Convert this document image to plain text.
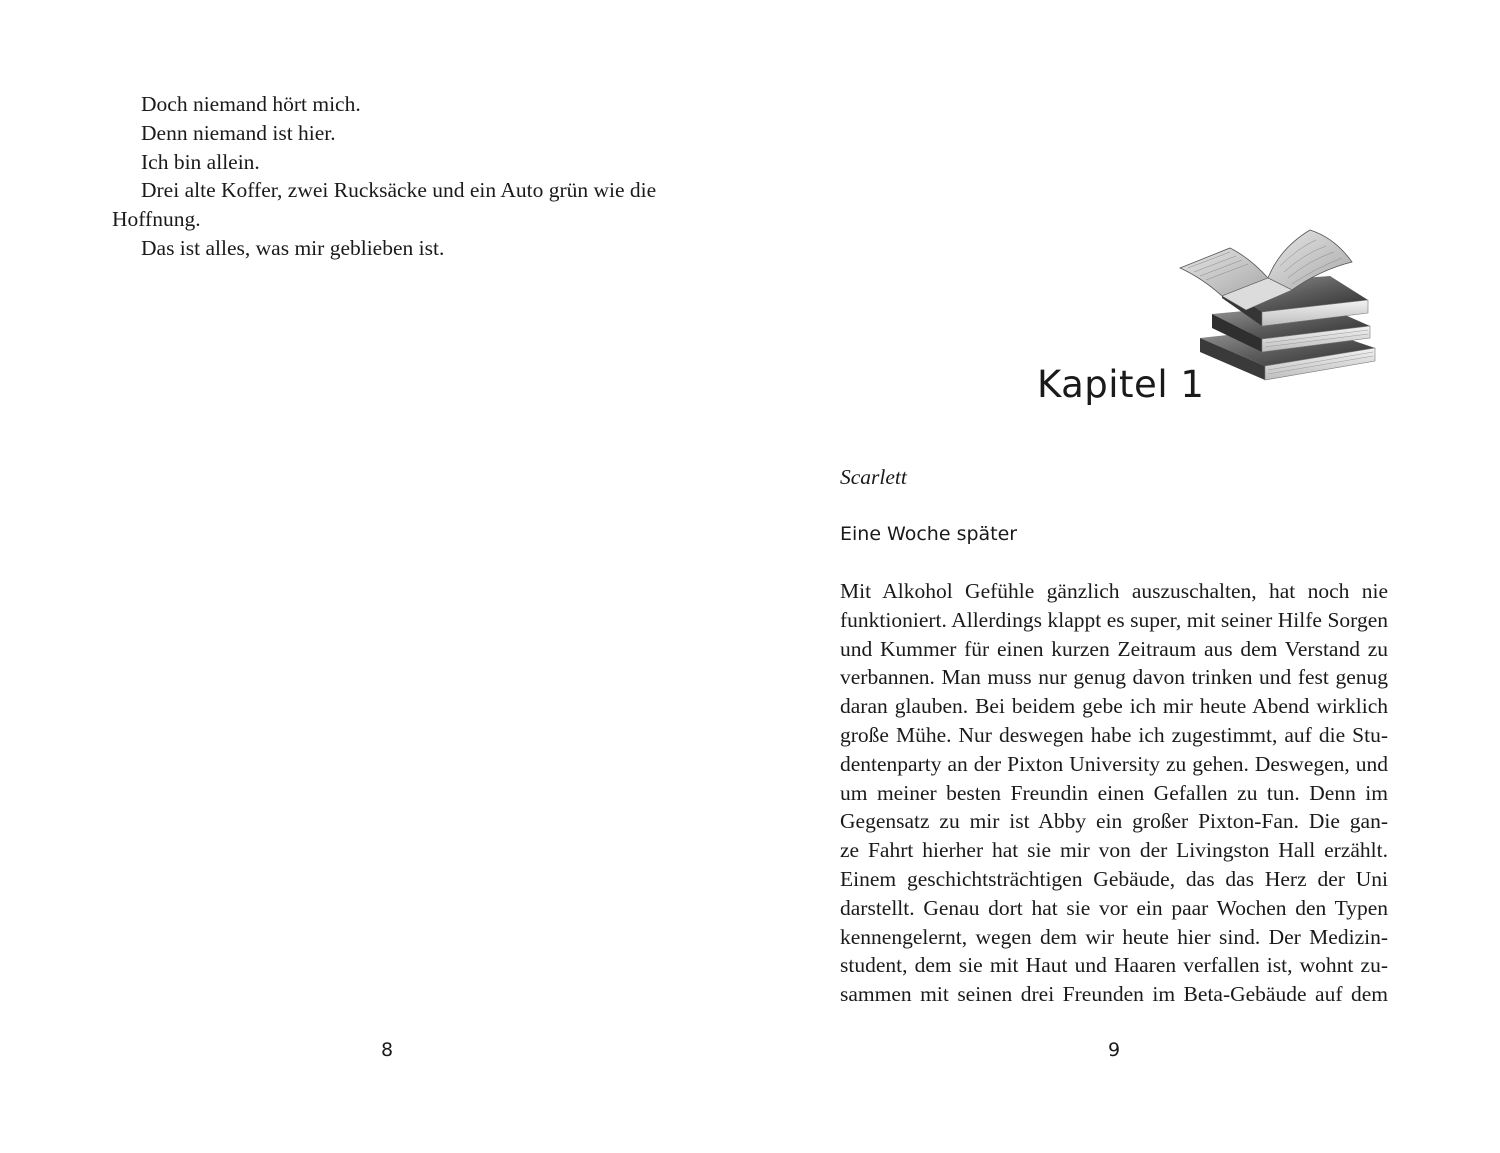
Doch niemand hört mich.

Denn niemand ist hier.

Ich bin allein.

Drei alte Koffer, zwei Rucksäcke und ein Auto grün wie die Hoffnung.

Das ist alles, was mir geblieben ist.

8
Kapitel 1

Scarlett

Eine Woche später

Mit Alkohol Gefühle gänzlich auszuschalten, hat noch nie
funktioniert. Allerdings klappt es super, mit seiner Hilfe Sorgen
und Kummer für einen kurzen Zeitraum aus dem Verstand zu
verbannen. Man muss nur genug davon trinken und fest genug
daran glauben. Bei beidem gebe ich mir heute Abend wirklich
große Mühe. Nur deswegen habe ich zugestimmt, auf die Stu-
dentenparty an der Pixton University zu gehen. Deswegen, und
um meiner besten Freundin einen Gefallen zu tun. Denn im
Gegensatz zu mir ist Abby ein großer Pixton-Fan. Die gan-
ze Fahrt hierher hat sie mir von der Livingston Hall erzählt.
Einem geschichtsträchtigen Gebäude, das das Herz der Uni
darstellt. Genau dort hat sie vor ein paar Wochen den Typen
kennengelernt, wegen dem wir heute hier sind. Der Medizin-
student, dem sie mit Haut und Haaren verfallen ist, wohnt zu-
sammen mit seinen drei Freunden im Beta-Gebäude auf dem
9
